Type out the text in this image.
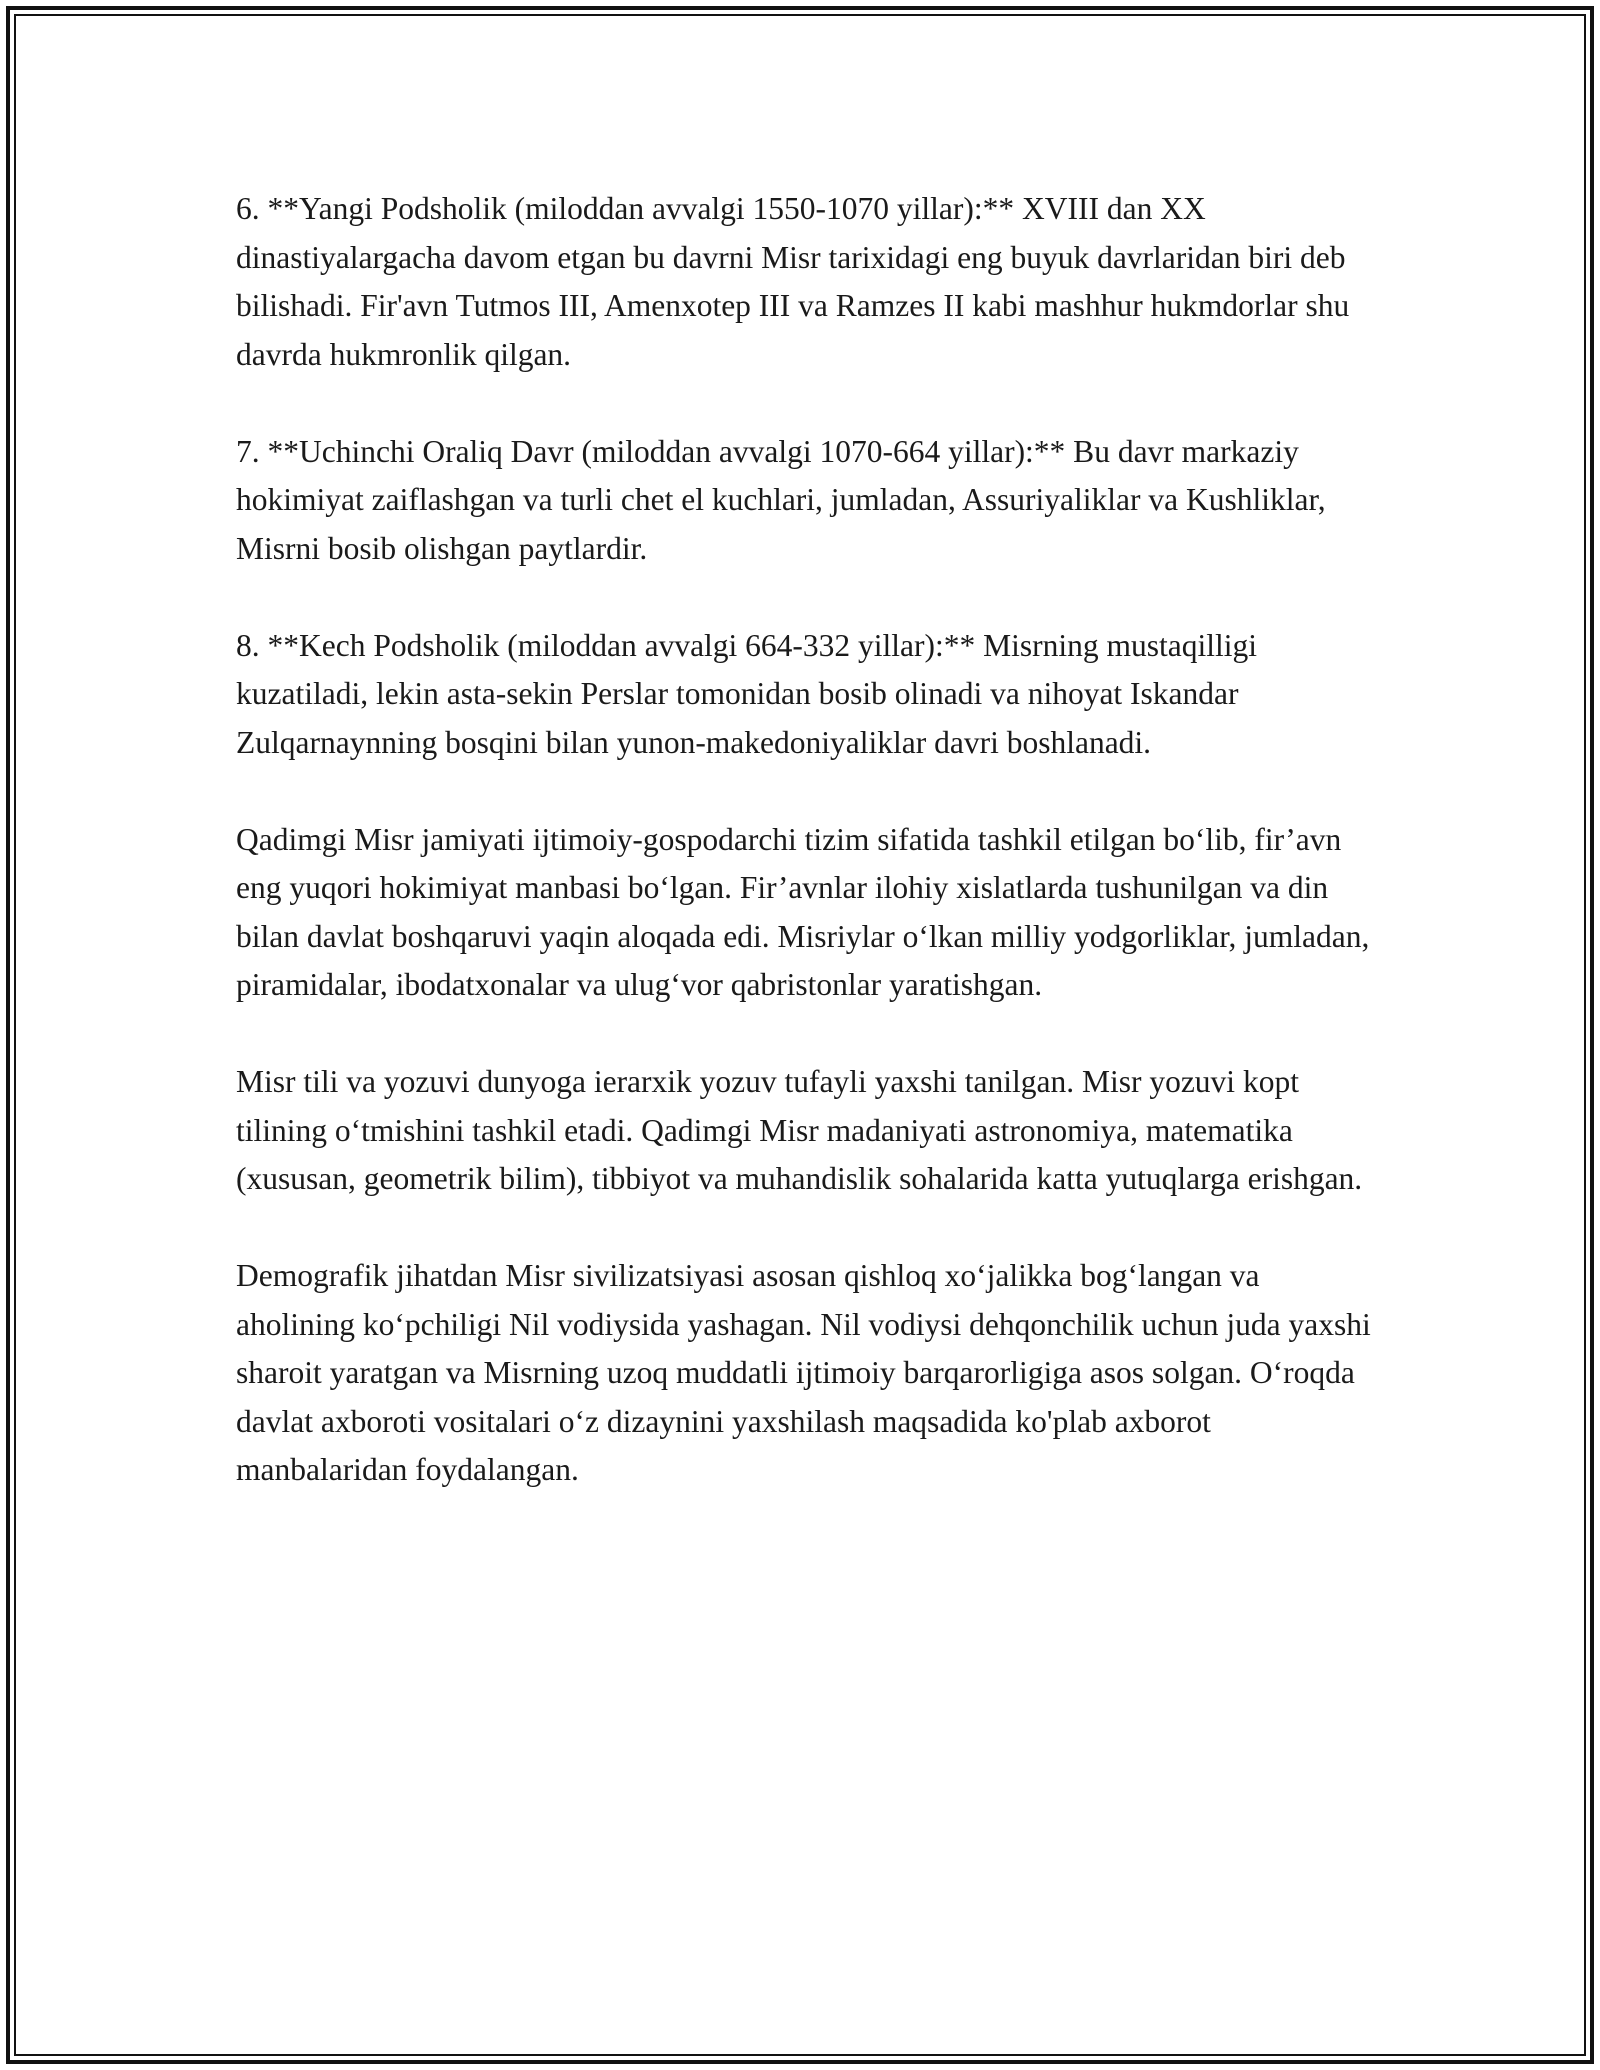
6. **Yangi Podsholik (miloddan avvalgi 1550-1070 yillar):** XVIII dan XX dinastiyalargacha davom etgan bu davrni Misr tarixidagi eng buyuk davrlaridan biri deb bilishadi. Fir'avn Tutmos III, Amenxotep III va Ramzes II kabi mashhur hukmdorlar shu davrda hukmronlik qilgan.

7. **Uchinchi Oraliq Davr (miloddan avvalgi 1070-664 yillar):** Bu davr markaziy hokimiyat zaiflashgan va turli chet el kuchlari, jumladan, Assuriyaliklar va Kushliklar, Misrni bosib olishgan paytlardir.

8. **Kech Podsholik (miloddan avvalgi 664-332 yillar):** Misrning mustaqilligi kuzatiladi, lekin asta-sekin Perslar tomonidan bosib olinadi va nihoyat Iskandar Zulqarnaynning bosqini bilan yunon-makedoniyaliklar davri boshlanadi.

Qadimgi Misr jamiyati ijtimoiy-gospodarchi tizim sifatida tashkil etilgan bo‘lib, fir’avn eng yuqori hokimiyat manbasi bo‘lgan. Fir’avnlar ilohiy xislatlarda tushunilgan va din bilan davlat boshqaruvi yaqin aloqada edi. Misriylar o‘lkan milliy yodgorliklar, jumladan, piramidalar, ibodatxonalar va ulug‘vor qabristonlar yaratishgan.

Misr tili va yozuvi dunyoga ierarxik yozuv tufayli yaxshi tanilgan. Misr yozuvi kopt tilining o‘tmishini tashkil etadi. Qadimgi Misr madaniyati astronomiya, matematika (xususan, geometrik bilim), tibbiyot va muhandislik sohalarida katta yutuqlarga erishgan.

Demografik jihatdan Misr sivilizatsiyasi asosan qishloq xo‘jalikka bog‘langan va aholining ko‘pchiligi Nil vodiysida yashagan. Nil vodiysi dehqonchilik uchun juda yaxshi sharoit yaratgan va Misrning uzoq muddatli ijtimoiy barqarorligiga asos solgan. O‘roqda davlat axboroti vositalari o‘z dizaynini yaxshilash maqsadida ko'plab axborot manbalaridan foydalangan.
